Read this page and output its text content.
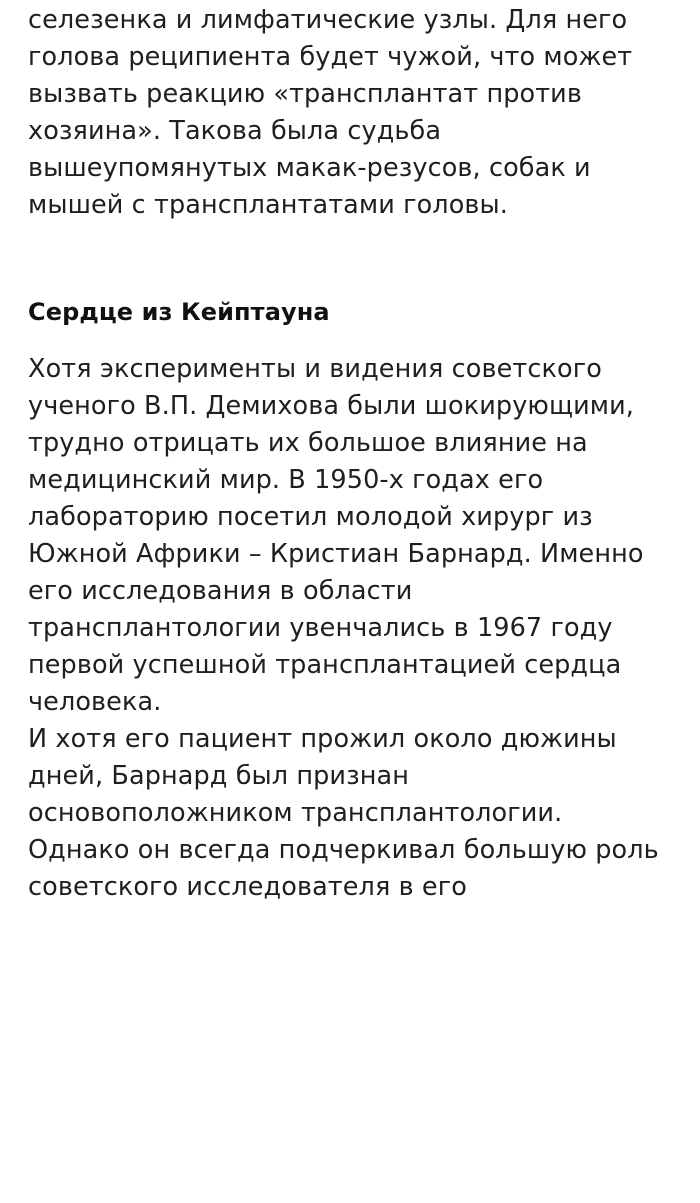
селезенка и лимфатические узлы. Для него голова реципиента будет чужой, что может вызвать реакцию «трансплантат против хозяина». Такова была судьба вышеупомянутых макак-резусов, собак и мышей с трансплантатами головы.

Сердце из Кейптауна

Хотя эксперименты и видения советского ученого В.П. Демихова были шокирующими, трудно отрицать их большое влияние на медицинский мир. В 1950-х годах его лабораторию посетил молодой хирург из Южной Африки – Кристиан Барнард. Именно его исследования в области трансплантологии увенчались в 1967 году первой успешной трансплантацией сердца человека.

И хотя его пациент прожил около дюжины дней, Барнард был признан основоположником трансплантологии. Однако он всегда подчеркивал большую роль советского исследователя в его
